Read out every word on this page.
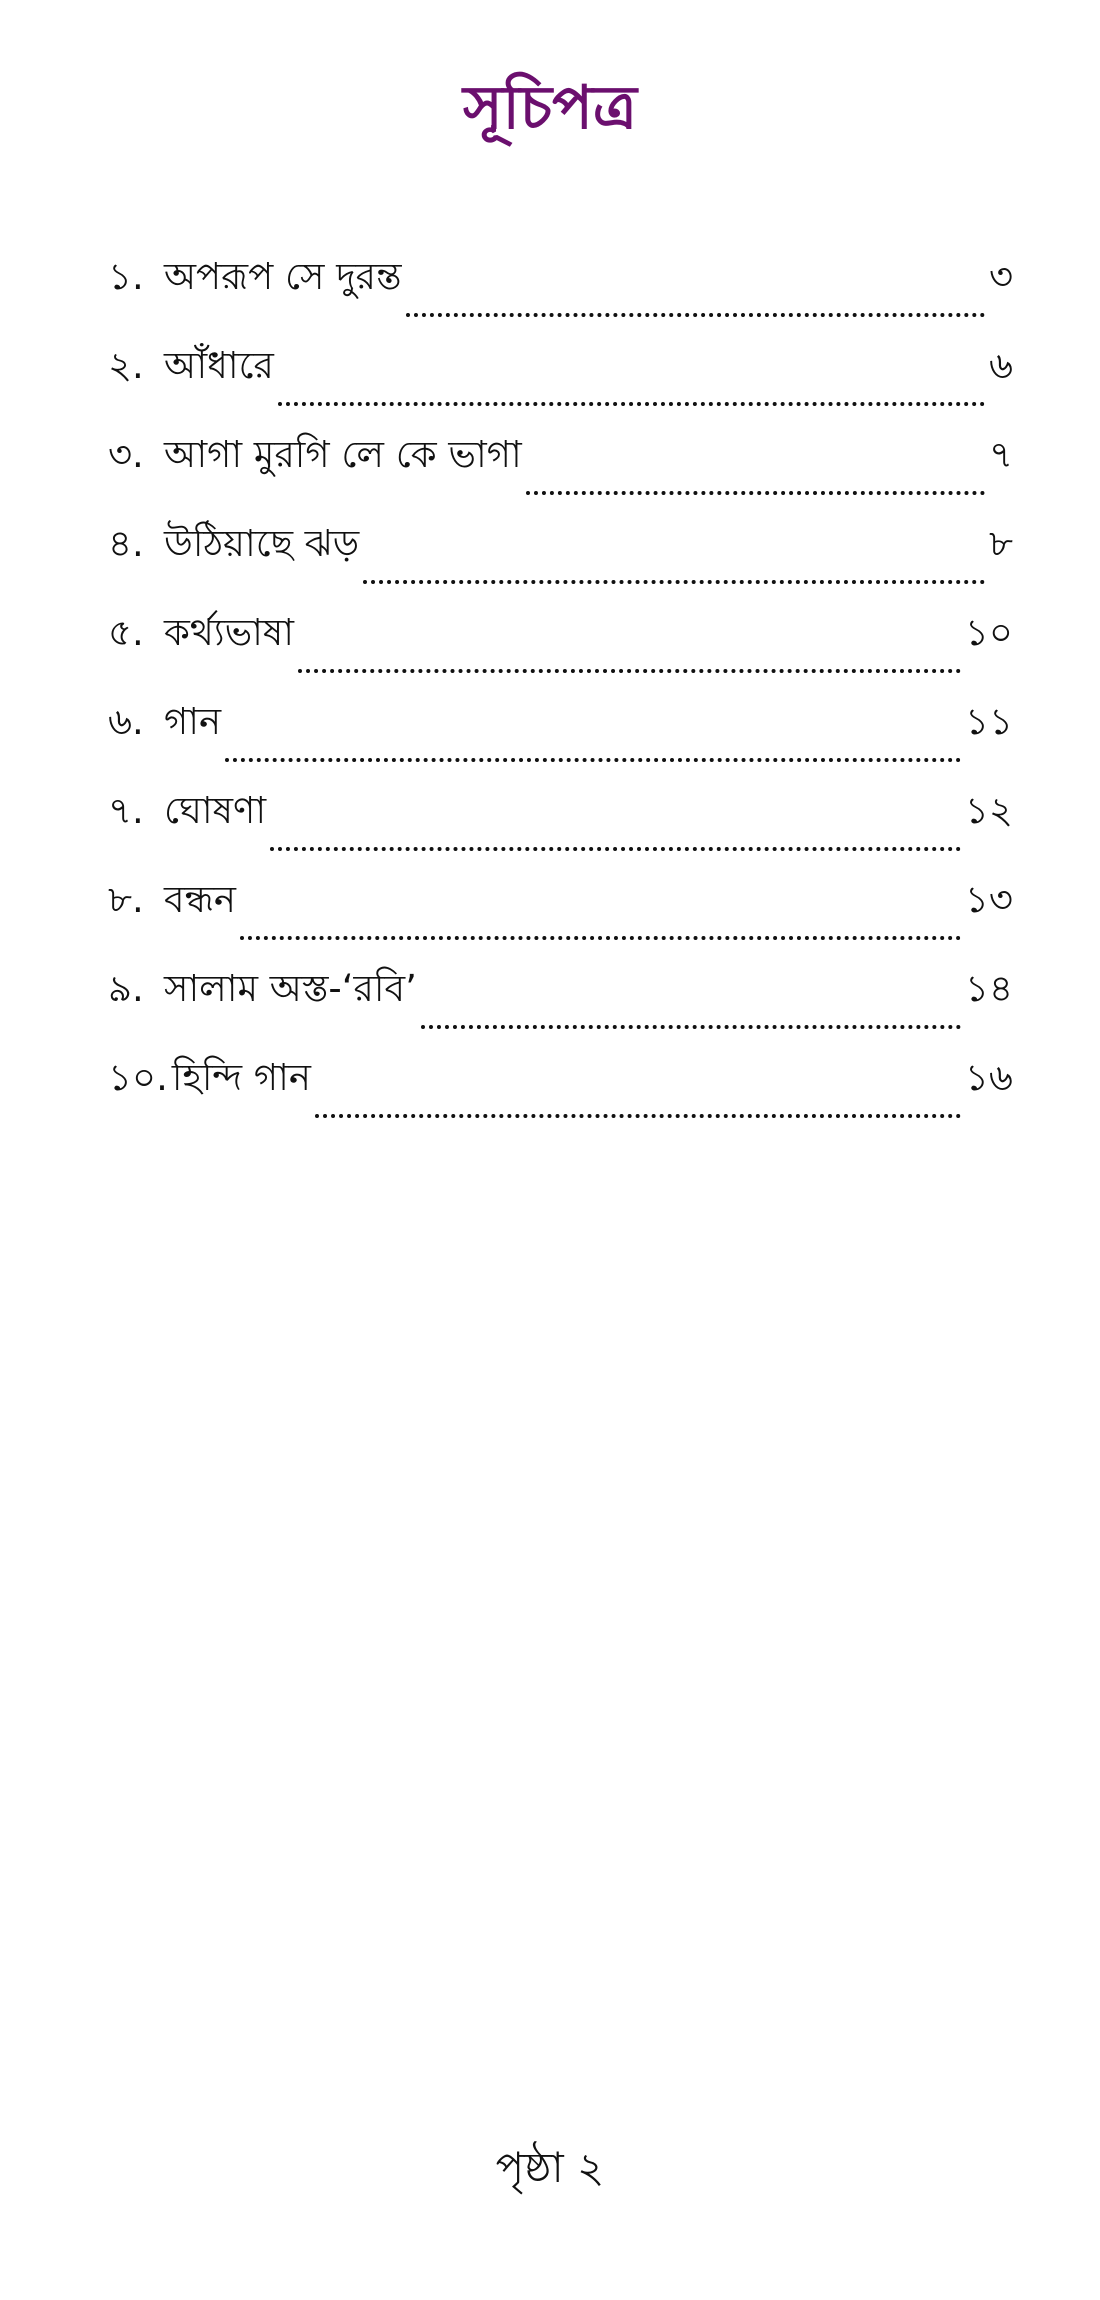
সূচিপত্র
১. অপরূপ সে দুরন্ত	৩
২. আঁধারে	৬
৩. আগা মুরগি লে কে ভাগা	৭
৪. উঠিয়াছে ঝড়	৮
৫. কর্থ্যভাষা	১০
৬. গান	১১
৭. ঘোষণা	১২
৮. বন্ধন	১৩
৯. সালাম অস্ত-‘রবি’	১৪
১০. হিন্দি গান	১৬
পৃষ্ঠা ২
